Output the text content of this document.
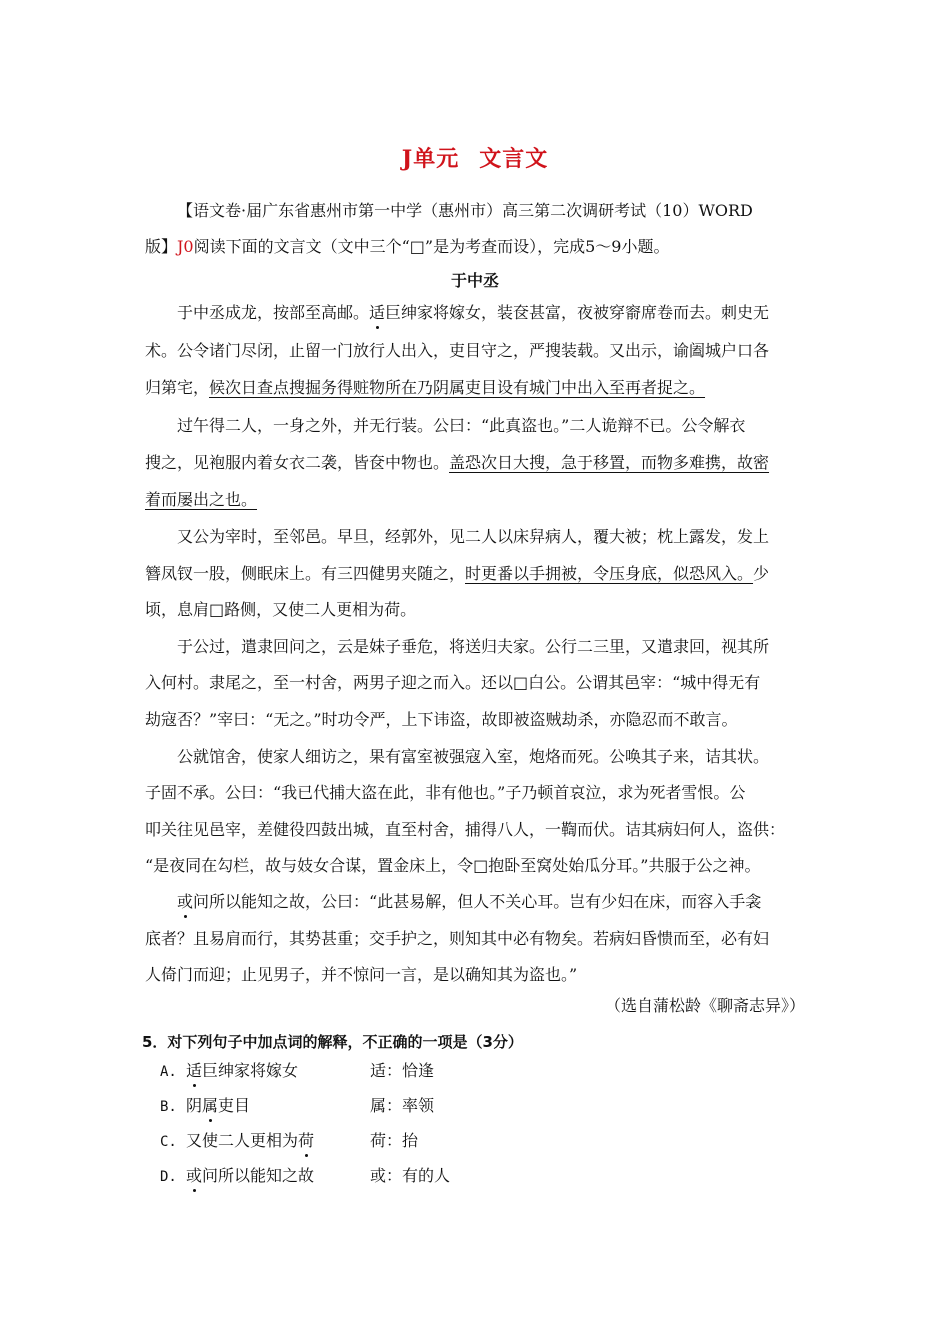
J单元 文言文
【语文卷·届广东省惠州市第一中学（惠州市）高三第二次调研考试（10）WORD
版】J0阅读下面的文言文（文中三个“□”是为考查而设），完成5～9小题。
于中丞
于中丞成龙，按部至高邮。适巨绅家将嫁女，装奁甚富，夜被穿窬席卷而去。刺史无
术。公令诸门尽闭，止留一门放行人出入，吏目守之，严搜装载。又出示，谕阖城户口各
归第宅，候次日查点搜掘务得赃物所在乃阴属吏目设有城门中出入至再者捉之。
过午得二人，一身之外，并无行装。公曰：“此真盗也。”二人诡辩不已。公令解衣
搜之，见袍服内着女衣二袭，皆奁中物也。盖恐次日大搜，急于移置，而物多难携，故密
着而屡出之也。
又公为宰时，至邻邑。早旦，经郭外，见二人以床舁病人，覆大被；枕上露发，发上
簪凤钗一股，侧眠床上。有三四健男夹随之，时更番以手拥被，令压身底，似恐风入。少
顷，息肩□路侧，又使二人更相为荷。
于公过，遣隶回问之，云是妹子垂危，将送归夫家。公行二三里，又遣隶回，视其所
入何村。隶尾之，至一村舍，两男子迎之而入。还以□白公。公谓其邑宰：“城中得无有
劫寇否？”宰曰：“无之。”时功令严，上下讳盗，故即被盗贼劫杀，亦隐忍而不敢言。
公就馆舍，使家人细访之，果有富室被强寇入室，炮烙而死。公唤其子来，诘其状。
子固不承。公曰：“我已代捕大盗在此，非有他也。”子乃顿首哀泣，求为死者雪恨。公
叩关往见邑宰，差健役四鼓出城，直至村舍，捕得八人，一鞫而伏。诘其病妇何人，盗供：
“是夜同在勾栏，故与妓女合谋，置金床上，令□抱卧至窝处始瓜分耳。”共服于公之神。
或问所以能知之故，公曰：“此甚易解，但人不关心耳。岂有少妇在床，而容入手衾
底者？且易肩而行，其势甚重；交手护之，则知其中必有物矣。若病妇昏愦而至，必有妇
人倚门而迎；止见男子，并不惊问一言，是以确知其为盗也。”
（选自蒲松龄《聊斋志异》）
5．对下列句子中加点词的解释，不正确的一项是（3分）
A. 适巨绅家将嫁女	适：恰逢
B. 阴属吏目	属：率领
C. 又使二人更相为荷	荷：抬
D. 或问所以能知之故	或：有的人
